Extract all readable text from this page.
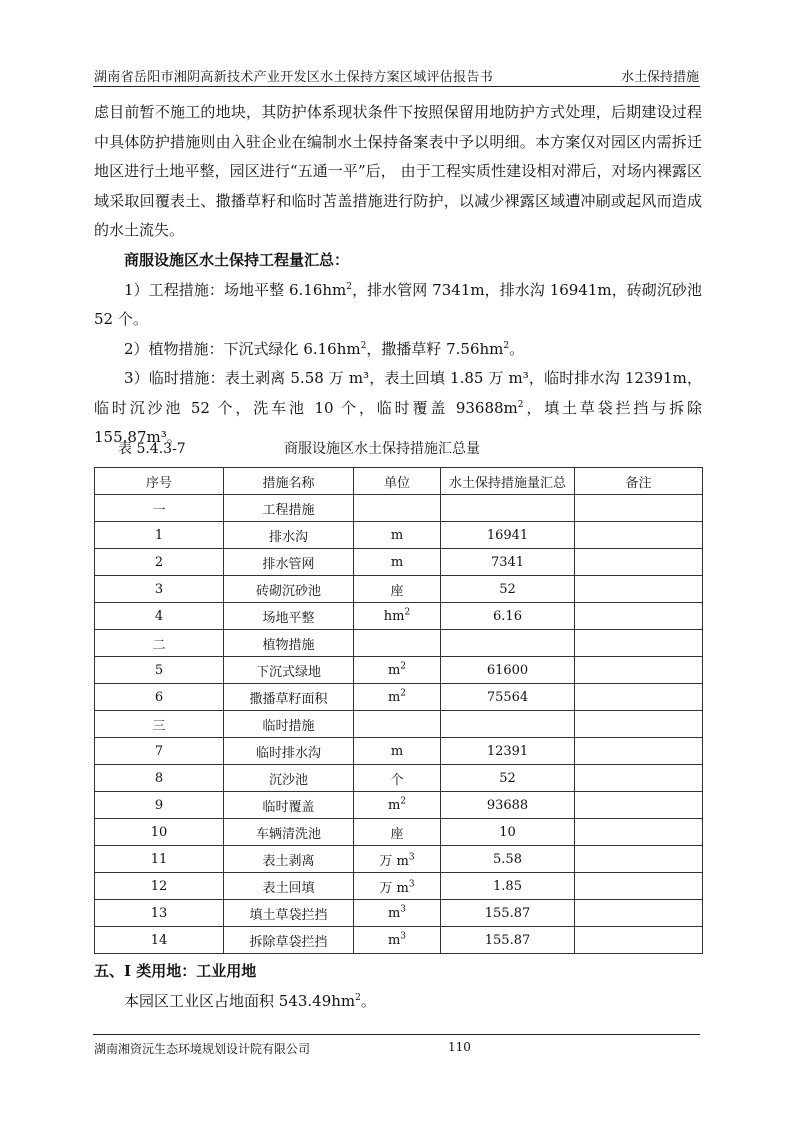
湖南省岳阳市湘阴高新技术产业开发区水土保持方案区域评估报告书	水土保持措施

虑目前暂不施工的地块，其防护体系现状条件下按照保留用地防护方式处理，后期建设过程中具体防护措施则由入驻企业在编制水土保持备案表中予以明细。本方案仅对园区内需拆迁地区进行土地平整，园区进行“五通一平”后， 由于工程实质性建设相对滞后，对场内裸露区域采取回覆表土、撒播草籽和临时苫盖措施进行防护，以减少裸露区域遭冲刷或起风而造成的水土流失。

商服设施区水土保持工程量汇总：

1）工程措施：场地平整 $6.16hm^2$，排水管网 7341m，排水沟 16941m，砖砌沉砂池 52 个。

2）植物措施：下沉式绿化 $6.16hm^2$，撒播草籽 $7.56hm^2$。

3）临时措施：表土剥离 5.58 万 m³，表土回填 1.85 万 m³，临时排水沟 12391m，临时沉沙池 52 个，洗车池 10 个，临时覆盖 $93688m^2$，填土草袋拦挡与拆除 155.87m³。

表 5.4.3-7	商服设施区水土保持措施汇总量
序号	措施名称	单位	水土保持措施量汇总	备注
一	工程措施			
1	排水沟	m	16941	
2	排水管网	m	7341	
3	砖砌沉砂池	座	52	
4	场地平整	$hm^2$	6.16	
二	植物措施			
5	下沉式绿地	$m^2$	61600	
6	撒播草籽面积	$m^2$	75564	
三	临时措施			
7	临时排水沟	m	12391	
8	沉沙池	个	52	
9	临时覆盖	$m^2$	93688	
10	车辆清洗池	座	10	
11	表土剥离	万 $m^3$	5.58	
12	表土回填	万 $m^3$	1.85	
13	填土草袋拦挡	$m^3$	155.87	
14	拆除草袋拦挡	$m^3$	155.87	
五、I 类用地：工业用地
本园区工业区占地面积 $543.49hm^2$。
湖南湘资沅生态环境规划设计院有限公司	110
